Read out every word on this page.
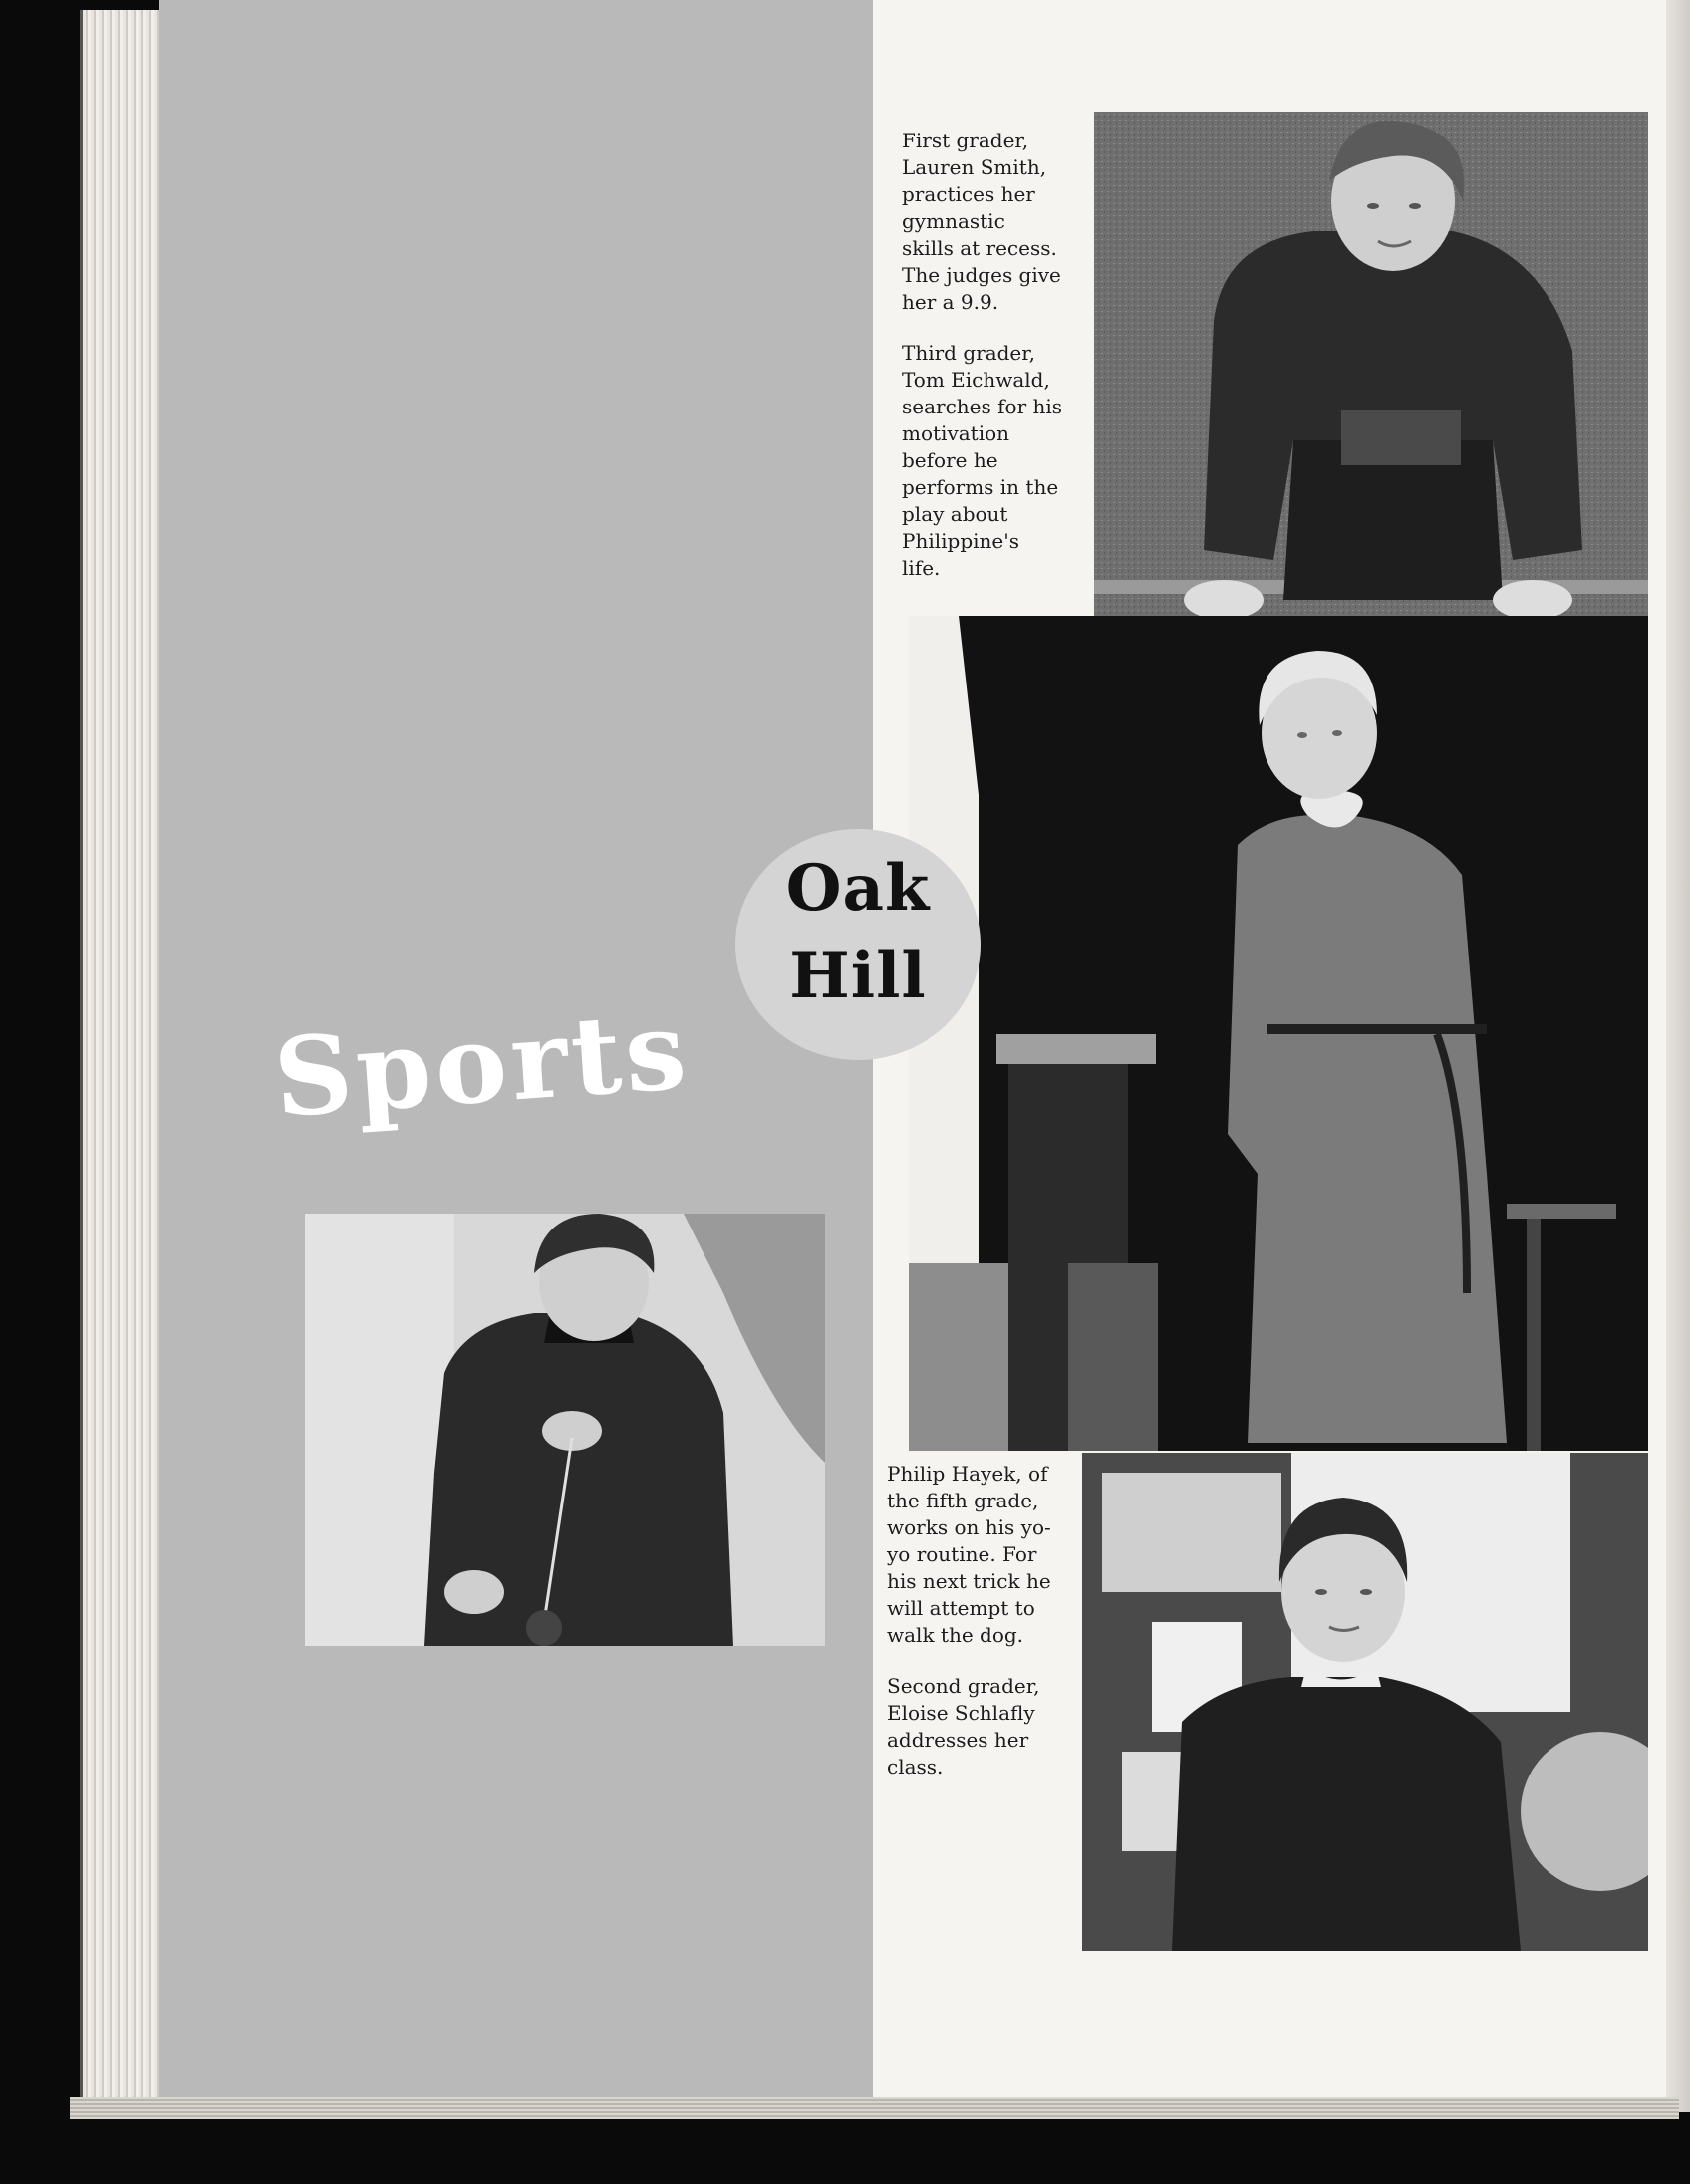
First grader,
Lauren Smith,
practices her
gymnastic
skills at recess.
The judges give
her a 9.9.

Third grader,
Tom Eichwald,
searches for his
motivation
before he
performs in the
play about
Philippine's
life.

Philip Hayek, of
the fifth grade,
works on his yo-
yo routine. For
his next trick he
will attempt to
walk the dog.

Second grader,
Eloise Schlafly
addresses her
class.

Oak
Hill
Sports
